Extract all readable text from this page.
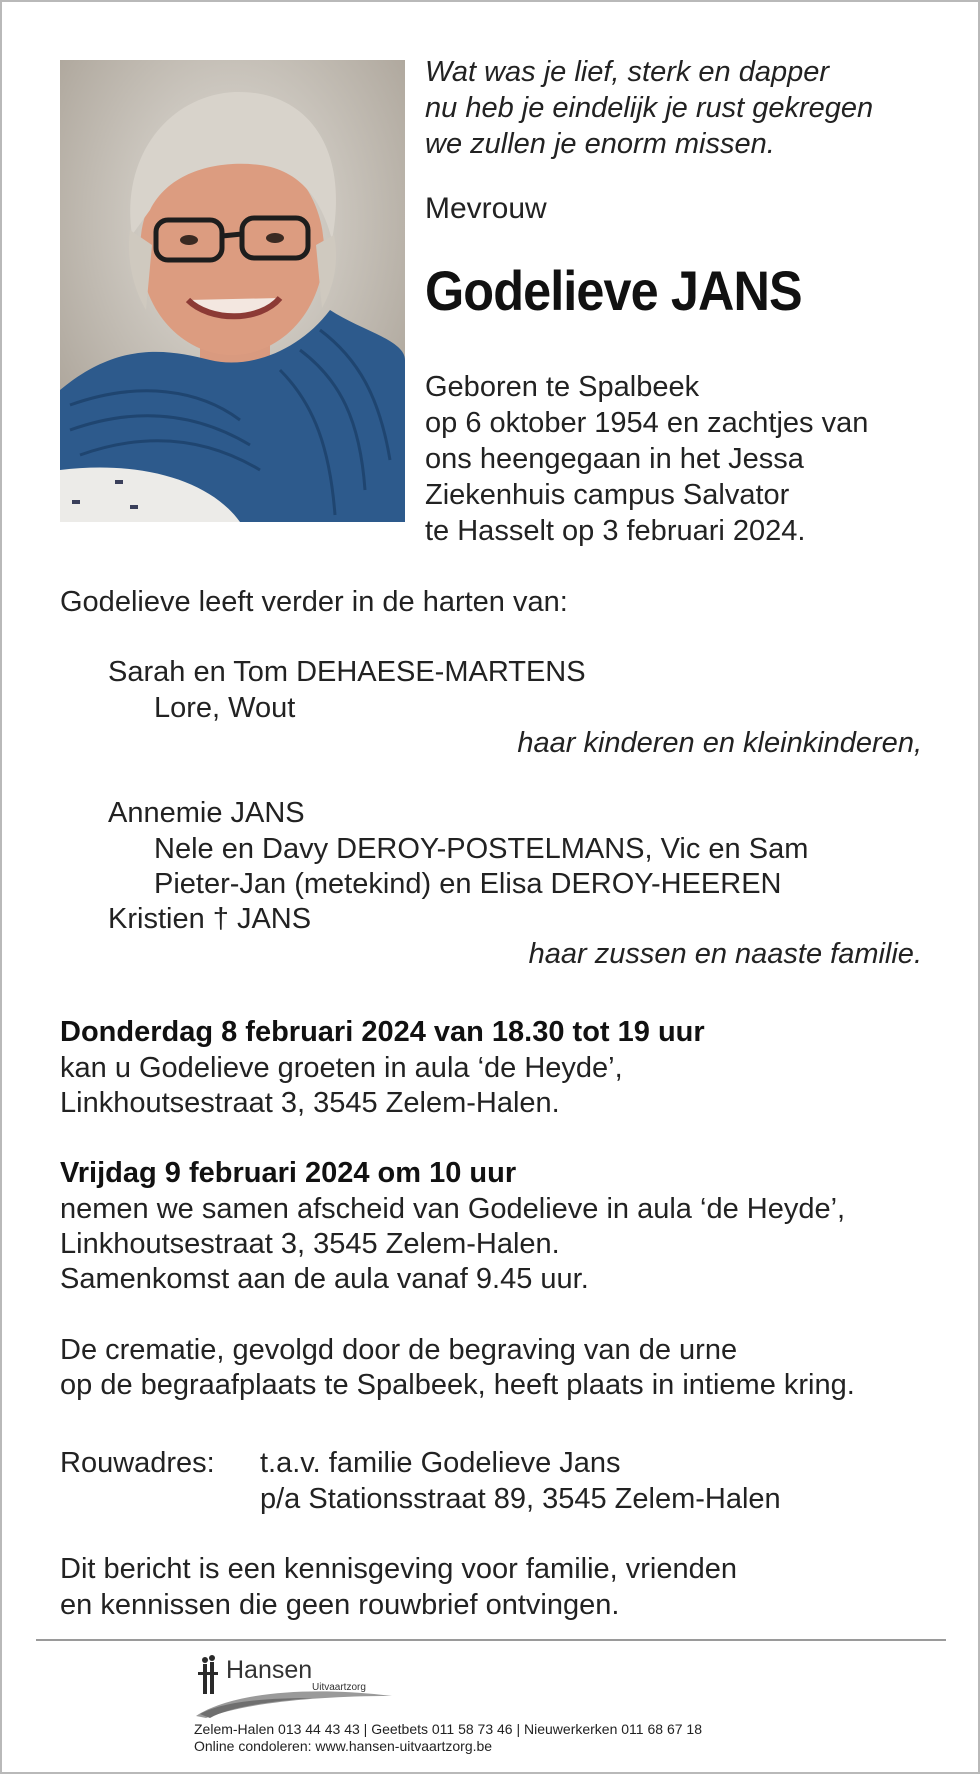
Wat was je lief, sterk en dapper
nu heb je eindelijk je rust gekregen
we zullen je enorm missen.
Mevrouw
Godelieve JANS
Geboren te Spalbeek
op 6 oktober 1954 en zachtjes van
ons heengegaan in het Jessa
Ziekenhuis campus Salvator
te Hasselt op 3 februari 2024.
Godelieve leeft verder in de harten van:
Sarah en Tom DEHAESE-MARTENS
Lore, Wout
haar kinderen en kleinkinderen,
Annemie JANS
Nele en Davy DEROY-POSTELMANS, Vic en Sam
Pieter-Jan (metekind) en Elisa DEROY-HEEREN
Kristien † JANS
haar zussen en naaste familie.
Donderdag 8 februari 2024 van 18.30 tot 19 uur
kan u Godelieve groeten in aula ‘de Heyde’,
Linkhoutsestraat 3, 3545 Zelem-Halen.
Vrijdag 9 februari 2024 om 10 uur
nemen we samen afscheid van Godelieve in aula ‘de Heyde’,
Linkhoutsestraat 3, 3545 Zelem-Halen.
Samenkomst aan de aula vanaf 9.45 uur.
De crematie, gevolgd door de begraving van de urne
op de begraafplaats te Spalbeek, heeft plaats in intieme kring.
Rouwadres: t.a.v. familie Godelieve Jans
p/a Stationsstraat 89, 3545 Zelem-Halen
Dit bericht is een kennisgeving voor familie, vrienden
en kennissen die geen rouwbrief ontvingen.
Hansen
Uitvaartzorg
Zelem-Halen 013 44 43 43 | Geetbets 011 58 73 46 | Nieuwerkerken 011 68 67 18
Online condoleren: www.hansen-uitvaartzorg.be
